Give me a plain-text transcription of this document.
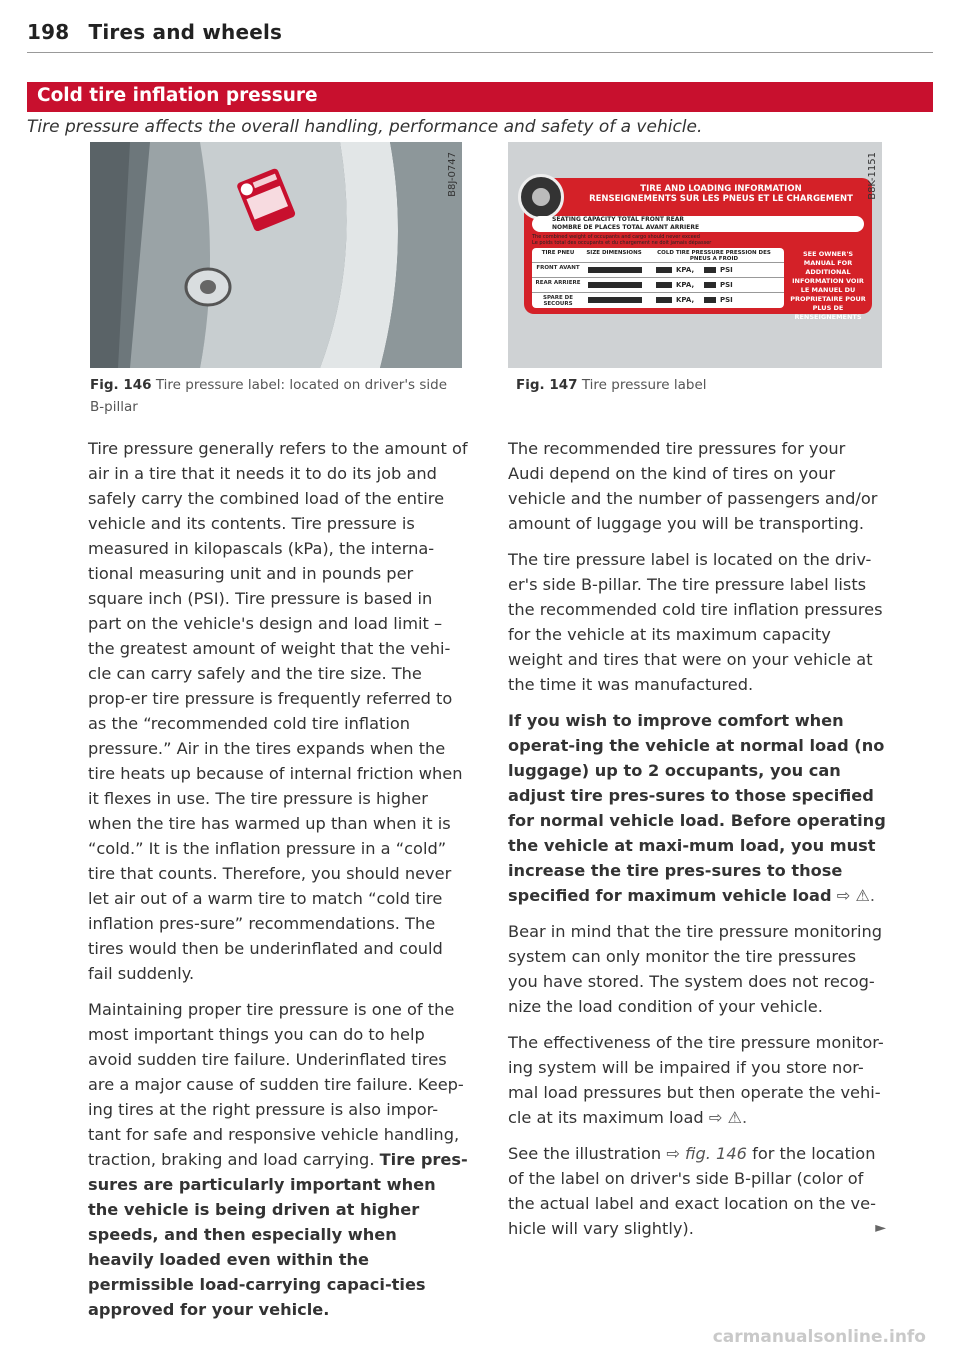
198 Tires and wheels
Cold tire inflation pressure
Tire pressure affects the overall handling, performance and safety of a vehicle.
B8J-0747
Fig. 146 Tire pressure label: located on driver's side B-pillar
TIRE AND LOADING INFORMATION
RENSEIGNEMENTS SUR LES PNEUS ET LE CHARGEMENT
SEATING CAPACITY TOTAL FRONT REAR
NOMBRE DE PLACES TOTAL AVANT ARRIERE
The combined weight of occupants and cargo should never exceed
Le poids total des occupants et du chargement ne doit jamais dépasser
TIRE PNEU	SIZE DIMENSIONS	COLD TIRE PRESSURE PRESSION DES PNEUS A FROID
FRONT AVANT	KPA,	PSI
REAR ARRIERE	KPA,	PSI
SPARE DE SECOURS	KPA,	PSI
SEE OWNER'S MANUAL FOR ADDITIONAL INFORMATION VOIR LE MANUEL DU PROPRIETAIRE POUR PLUS DE RENSEIGNEMENTS
B8K-1151
Fig. 147 Tire pressure label

Tire pressure generally refers to the amount of air in a tire that it needs it to do its job and safely carry the combined load of the entire vehicle and its contents. Tire pressure is measured in kilopascals (kPa), the interna-tional measuring unit and in pounds per square inch (PSI). Tire pressure is based in part on the vehicle's design and load limit – the greatest amount of weight that the vehi-cle can carry safely and the tire size. The prop-er tire pressure is frequently referred to as the “recommended cold tire inflation pressure.” Air in the tires expands when the tire heats up because of internal friction when it flexes in use. The tire pressure is higher when the tire has warmed up than when it is “cold.” It is the inflation pressure in a “cold” tire that counts. Therefore, you should never let air out of a warm tire to match “cold tire inflation pres-sure” recommendations. The tires would then be underinflated and could fail suddenly.

Maintaining proper tire pressure is one of the most important things you can do to help avoid sudden tire failure. Underinflated tires are a major cause of sudden tire failure. Keep-ing tires at the right pressure is also impor-tant for safe and responsive vehicle handling, traction, braking and load carrying. Tire pres-sures are particularly important when the vehicle is being driven at higher speeds, and then especially when heavily loaded even within the permissible load-carrying capaci-ties approved for your vehicle.

The recommended tire pressures for your Audi depend on the kind of tires on your vehicle and the number of passengers and/or amount of luggage you will be transporting.

The tire pressure label is located on the driv-er's side B-pillar. The tire pressure label lists the recommended cold tire inflation pressures for the vehicle at its maximum capacity weight and tires that were on your vehicle at the time it was manufactured.

If you wish to improve comfort when operat-ing the vehicle at normal load (no luggage) up to 2 occupants, you can adjust tire pres-sures to those specified for normal vehicle load. Before operating the vehicle at maxi-mum load, you must increase the tire pres-sures to those specified for maximum vehicle load ⇨ ⚠.

Bear in mind that the tire pressure monitoring system can only monitor the tire pressures you have stored. The system does not recog-nize the load condition of your vehicle.

The effectiveness of the tire pressure monitor-ing system will be impaired if you store nor-mal load pressures but then operate the vehi-cle at its maximum load ⇨ ⚠.

See the illustration ⇨ fig. 146 for the location of the label on driver's side B-pillar (color of the actual label and exact location on the ve-hicle will vary slightly).	►

carmanualsonline.info
